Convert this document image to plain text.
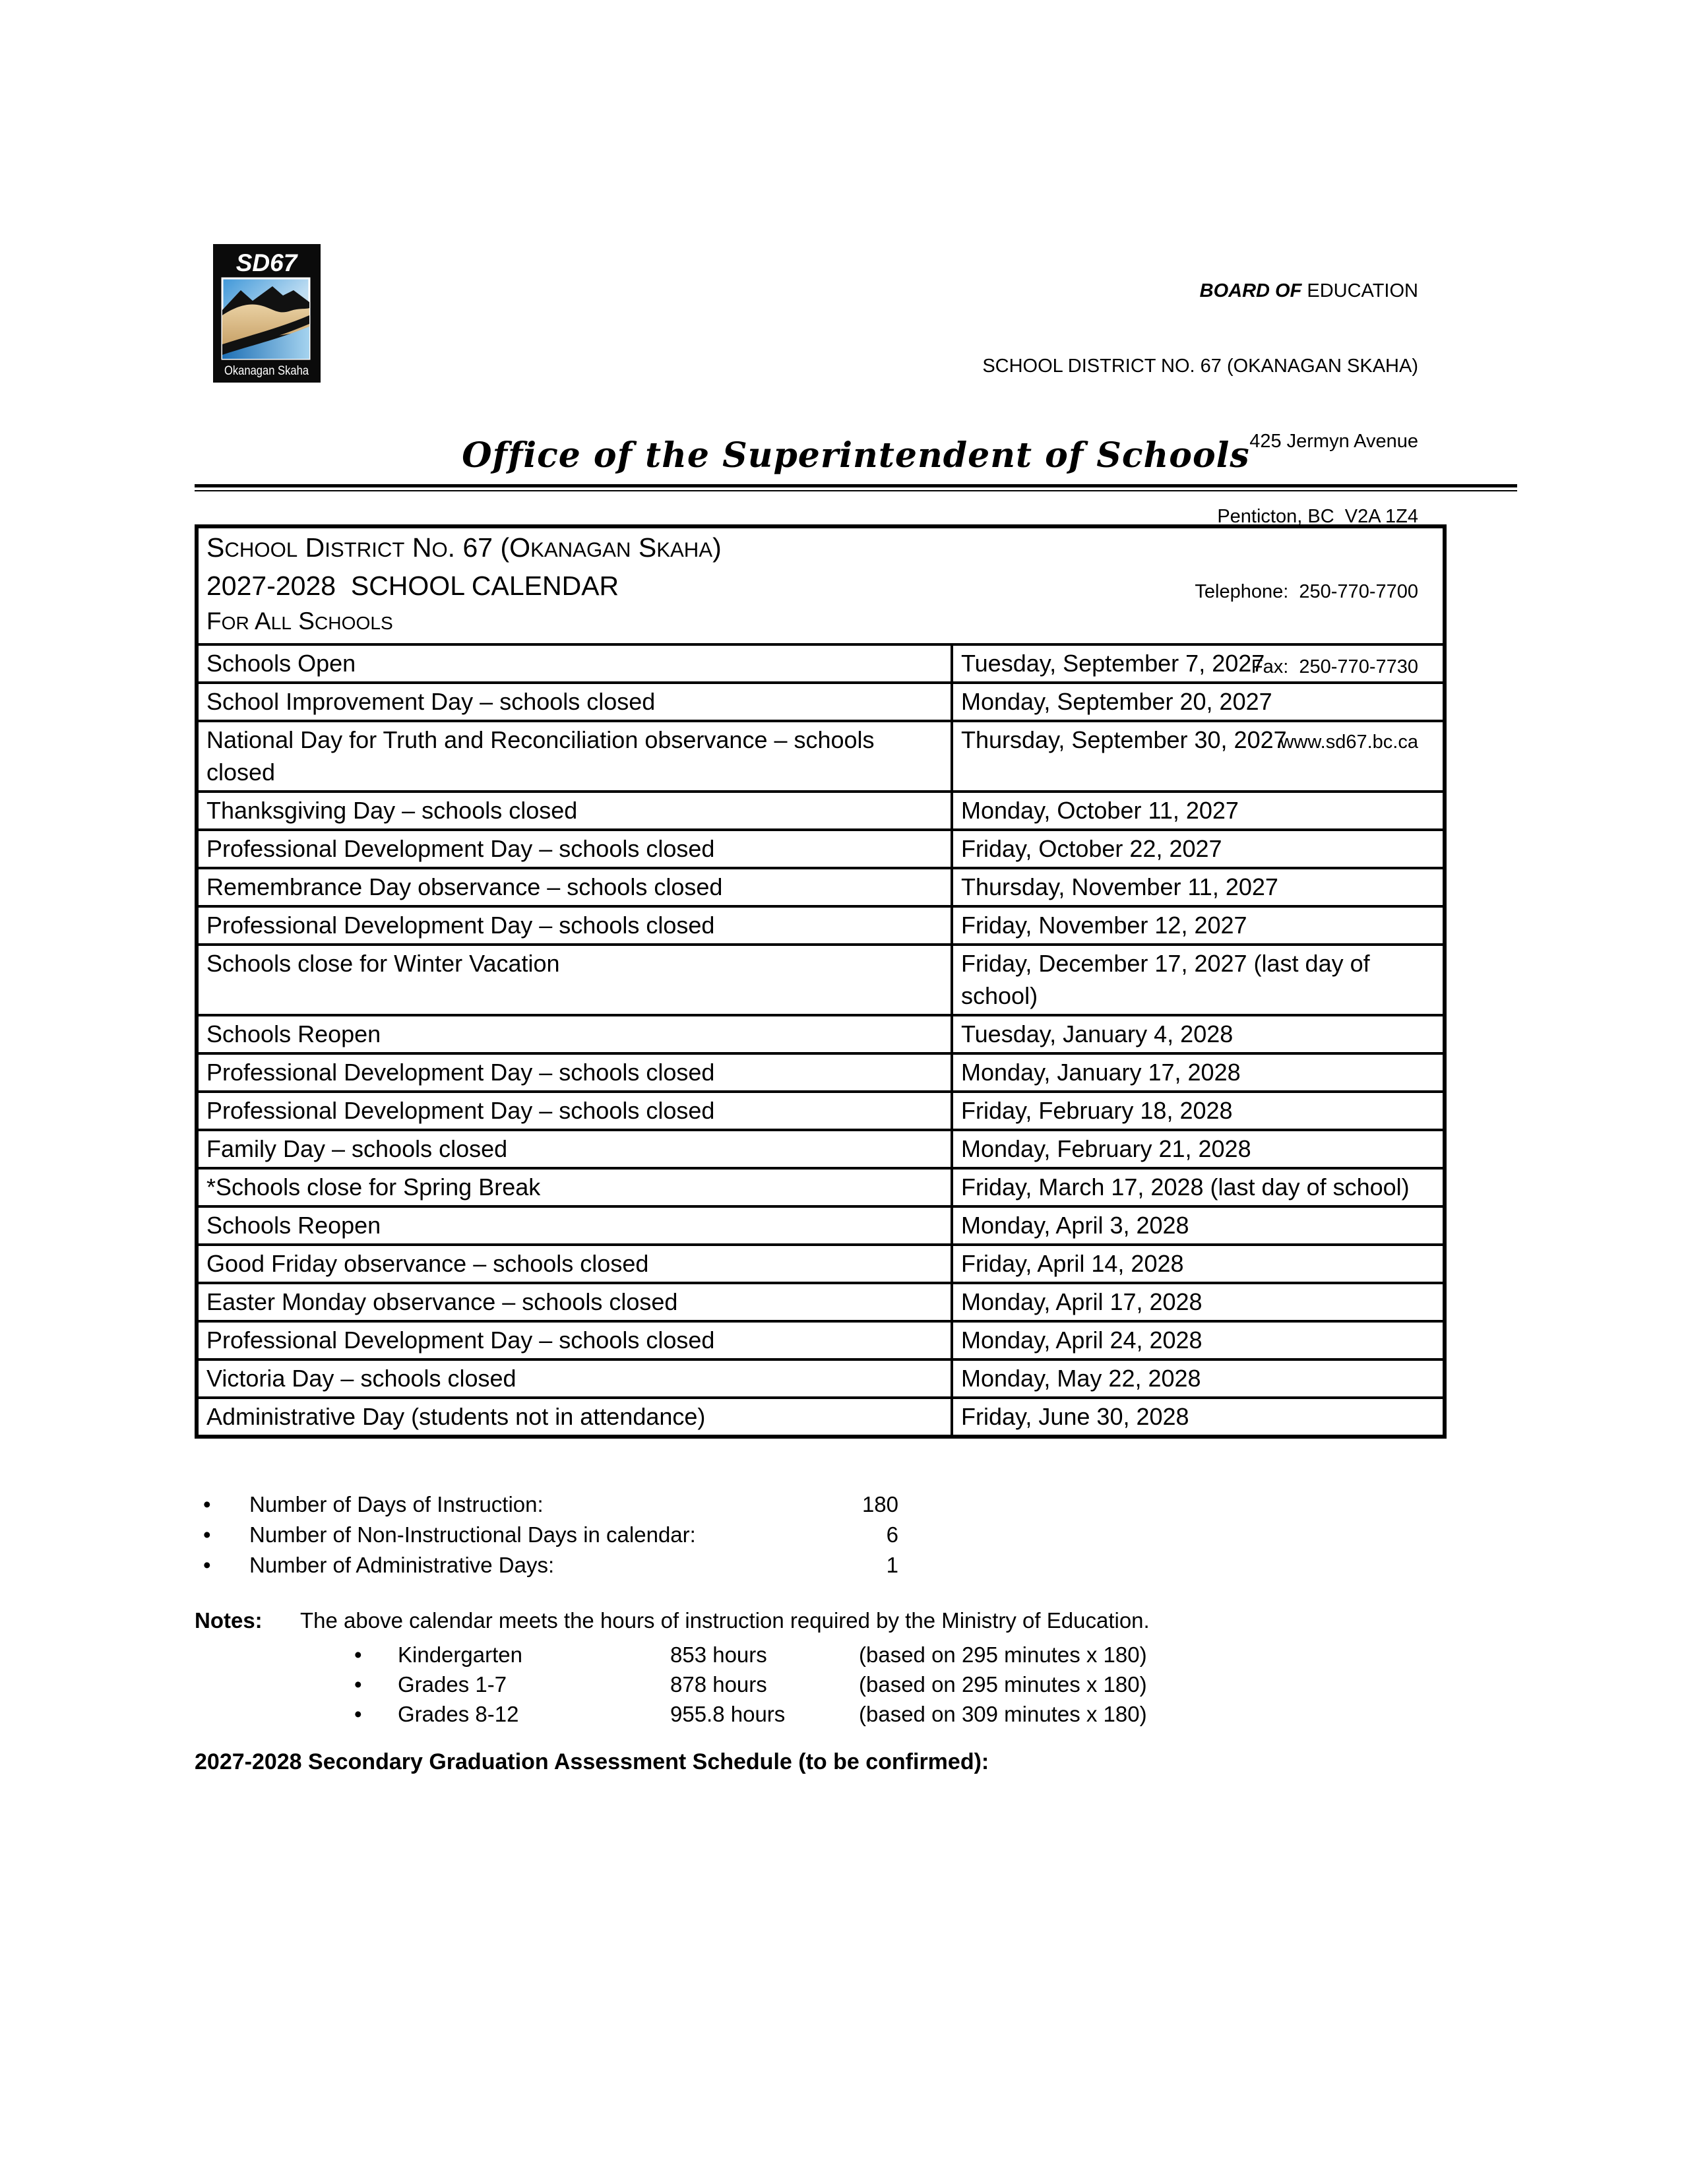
SD67
Okanagan Skaha

BOARD OF EDUCATION

SCHOOL DISTRICT NO. 67 (OKANAGAN SKAHA)

425 Jermyn Avenue

Penticton, BC  V2A 1Z4

Telephone:  250-770-7700

Fax:  250-770-7730

www.sd67.bc.ca

Office of the Superintendent of Schools
SCHOOL DISTRICT NO. 67 (OKANAGAN SKAHA)
2027-2028  SCHOOL CALENDAR
FOR ALL SCHOOLS	

Schools Open	Tuesday, September 7, 2027
School Improvement Day – schools closed	Monday, September 20, 2027
National Day for Truth and Reconciliation observance – schools closed	Thursday, September 30, 2027
Thanksgiving Day – schools closed	Monday, October 11, 2027
Professional Development Day – schools closed	Friday, October 22, 2027
Remembrance Day observance – schools closed	Thursday, November 11, 2027
Professional Development Day – schools closed	Friday, November 12, 2027
Schools close for Winter Vacation	Friday, December 17, 2027 (last day of school)
Schools Reopen	Tuesday, January 4, 2028
Professional Development Day – schools closed	Monday, January 17, 2028
Professional Development Day – schools closed	Friday, February 18, 2028
Family Day – schools closed	Monday, February 21, 2028
*Schools close for Spring Break	Friday, March 17, 2028 (last day of school)
Schools Reopen	Monday, April 3, 2028
Good Friday observance – schools closed	Friday, April 14, 2028
Easter Monday observance – schools closed	Monday, April 17, 2028
Professional Development Day – schools closed	Monday, April 24, 2028
Victoria Day – schools closed	Monday, May 22, 2028
Administrative Day (students not in attendance)	Friday, June 30, 2028
• Number of Days of Instruction:	180
• Number of Non-Instructional Days in calendar:	6
• Number of Administrative Days:	1
Notes: The above calendar meets the hours of instruction required by the Ministry of Education.
• Kindergarten	853 hours	(based on 295 minutes x 180)
• Grades 1-7	878 hours	(based on 295 minutes x 180)
• Grades 8-12	955.8 hours	(based on 309 minutes x 180)
2027-2028 Secondary Graduation Assessment Schedule (to be confirmed):
